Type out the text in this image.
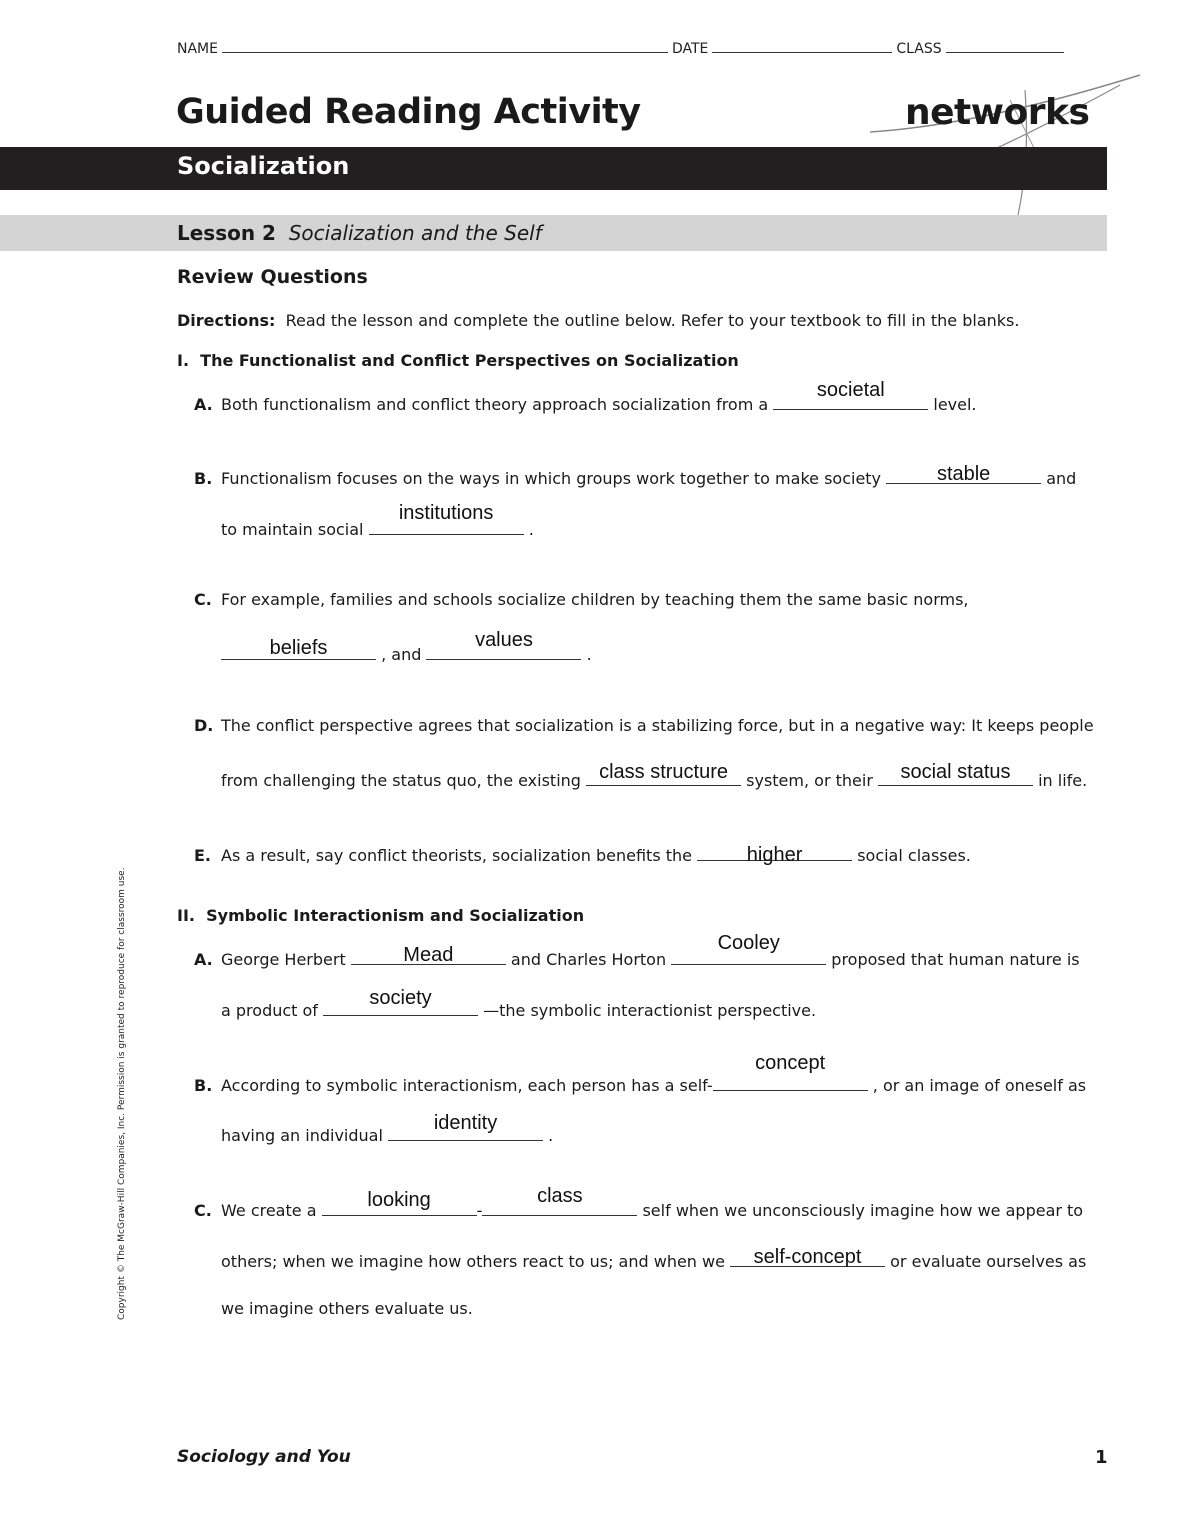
NAME	DATE	CLASS
Guided Reading Activity	networks
Socialization
Lesson 2 Socialization and the Self
Review Questions
Directions: Read the lesson and complete the outline below. Refer to your textbook to fill in the blanks.
I. The Functionalist and Conflict Perspectives on Socialization
A. Both functionalism and conflict theory approach socialization from a
societal
level.
B. Functionalism focuses on the ways in which groups work together to make society	stable	and
to maintain social
institutions
.
C. For example, families and schools socialize children by teaching them the same basic norms,
beliefs	, and
values
.
D. The conflict perspective agrees that socialization is a stabilizing force, but in a negative way: It keeps people
from challenging the status quo, the existing class structure	system, or their	social status	in life.
E. As a result, say conflict theorists, socialization benefits the	higher	social classes.
II. Symbolic Interactionism and Socialization
A. George Herbert	Mead	and Charles Horton
Cooley
proposed that human nature is
a product of
society
—the symbolic interactionist perspective.
B. According to symbolic interactionism, each person has a self-
concept
, or an image of oneself as
having an individual
identity
.
C. We create a	looking	-
class
self when we unconsciously imagine how we appear to
others; when we imagine how others react to us; and when we	self-concept	or evaluate ourselves as
we imagine others evaluate us.
Copyright © The McGraw-Hill Companies, Inc. Permission is granted to reproduce for classroom use.
Sociology and You	1
